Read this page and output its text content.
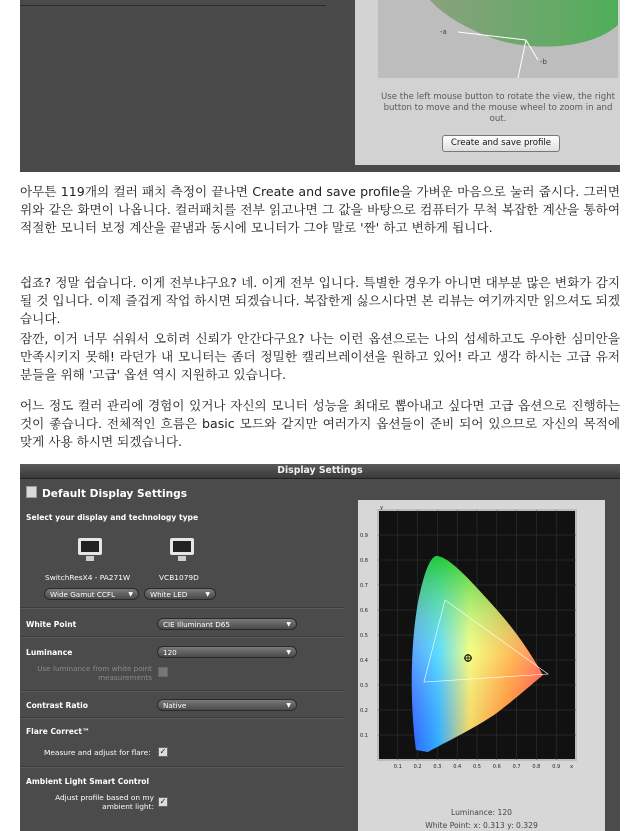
-a
-b
Use the left mouse button to rotate the view, the right button to move and the mouse wheel to zoom in and out.
Create and save profile

아무튼 119개의 컬러 패치 측정이 끝나면 Create and save profile을 가벼운 마음으로 눌러 줍시다. 그러면 위와 같은 화면이 나옵니다. 컬러패치를 전부 읽고나면 그 값을 바탕으로 컴퓨터가 무척 복잡한 계산을 통하여 적절한 모니터 보정 계산을 끝냄과 동시에 모니터가 그야 말로 '짠' 하고 변하게 됩니다.

쉽죠? 정말 쉽습니다. 이게 전부냐구요? 네. 이게 전부 입니다. 특별한 경우가 아니면 대부분 많은 변화가 감지 될 것 입니다. 이제 즐겁게 작업 하시면 되겠습니다. 복잡한게 싫으시다면 본 리뷰는 여기까지만 읽으셔도 되겠습니다.

잠깐, 이거 너무 쉬워서 오히려 신뢰가 안간다구요? 나는 이런 옵션으로는 나의 섬세하고도 우아한 심미안을 만족시키지 못해! 라던가 내 모니터는 좀더 정밀한 캘리브레이션을 원하고 있어! 라고 생각 하시는 고급 유저 분들을 위해 '고급' 옵션 역시 지원하고 있습니다.

어느 정도 컬러 관리에 경험이 있거나 자신의 모니터 성능을 최대로 뽑아내고 싶다면 고급 옵션으로 진행하는 것이 좋습니다. 전체적인 흐름은 basic 모드와 같지만 여러가지 옵션들이 준비 되어 있으므로 자신의 목적에 맞게 사용 하시면 되겠습니다.

Display Settings
Default Display Settings
Select your display and technology type
SwitchResX4 - PA271W	VCB1079D
Wide Gamut CCFL ▼	White LED	▼
White Point	CIE Illuminant D65	▼
Luminance	120	▼
Use luminance from white point measurements
Contrast Ratio	Native	▼
Flare Correct™
Measure and adjust for flare: ✓
Ambient Light Smart Control
Adjust profile based on my ambient light:
✓
0.1 0.2 0.3 0.4 0.5 0.6 0.7 0.8 0.9
0.1
0.2
0.3
0.4
0.5
0.6
0.7
0.8
0.9
y
x
Luminance: 120
White Point: x: 0.313 y: 0.329
